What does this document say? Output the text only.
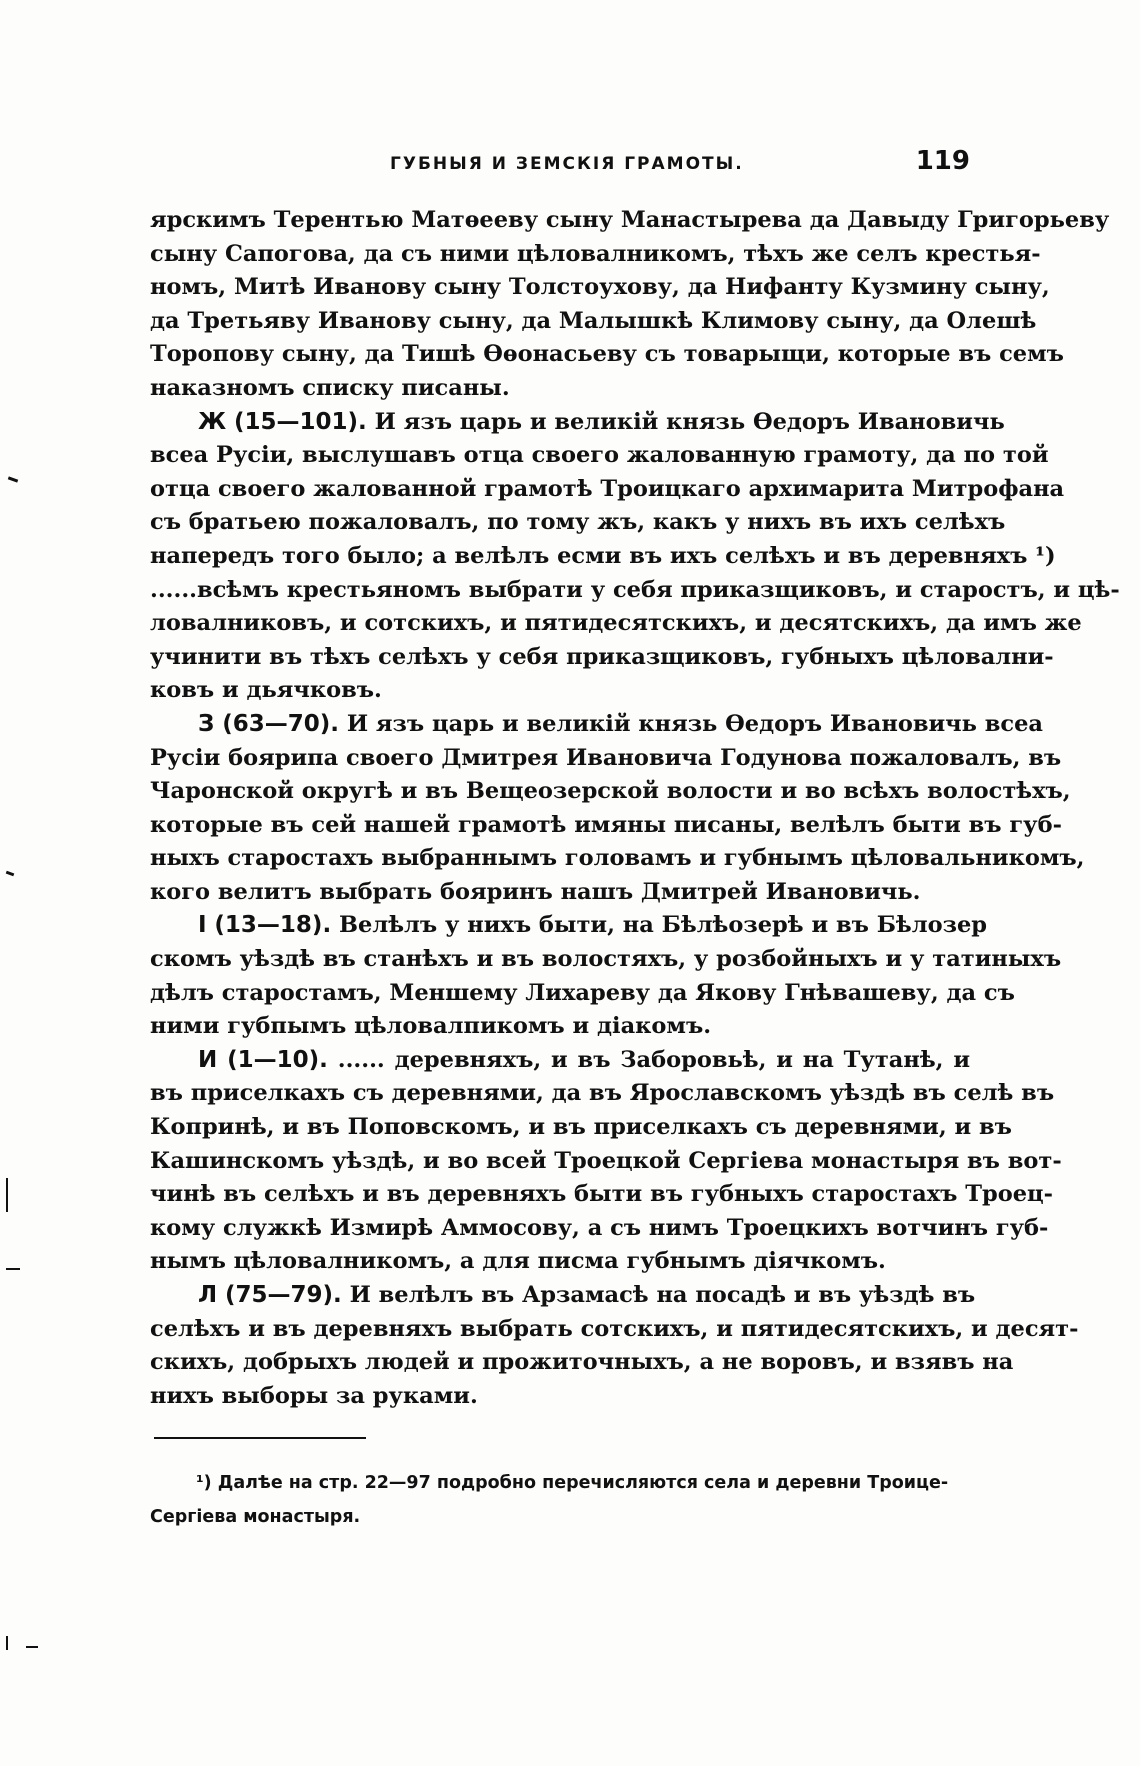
ГУБНЫЯ И ЗЕМСКІЯ ГРАМОТЫ.	119
ярскимъ Терентью Матѳееву сыну Манастырева да Давыду Григорьеву
сыну Сапогова, да съ ними цѣловалникомъ, тѣхъ же селъ крестья-
номъ, Митѣ Иванову сыну Толстоухову, да Нифанту Кузмину сыну,
да Третьяву Иванову сыну, да Малышкѣ Климову сыну, да Олешѣ
Торопову сыну, да Тишѣ Ѳѳонасьеву съ товарыщи, которые въ семъ
наказномъ списку писаны.
Ж (15—101). И язъ царь и великій князь Ѳедоръ Ивановичь
всеа Русіи, выслушавъ отца своего жалованную грамоту, да по той
отца своего жалованной грамотѣ Троицкаго архимарита Митрофана
съ братьею пожаловалъ, по тому жъ, какъ у нихъ въ ихъ селѣхъ
напередъ того было; а велѣлъ есми въ ихъ селѣхъ и въ деревняхъ ¹)
......всѣмъ крестьяномъ выбрати у себя приказщиковъ, и старостъ, и цѣ-
ловалниковъ, и сотскихъ, и пятидесятскихъ, и десятскихъ, да имъ же
учинити въ тѣхъ селѣхъ у себя приказщиковъ, губныхъ цѣловални-
ковъ и дьячковъ.
З (63—70). И язъ царь и великій князь Ѳедоръ Ивановичь всеа
Русіи боярипа своего Дмитрея Ивановича Годунова пожаловалъ, въ
Чаронской округѣ и въ Вещеозерской волости и во всѣхъ волостѣхъ,
которые въ сей нашей грамотѣ имяны писаны, велѣлъ быти въ губ-
ныхъ старостахъ выбраннымъ головамъ и губнымъ цѣловальникомъ,
кого велитъ выбрать бояринъ нашъ Дмитрей Ивановичь.
І (13—18). Велѣлъ у нихъ быти, на Бѣлѣозерѣ и въ Бѣлозер
скомъ уѣздѣ въ станѣхъ и въ волостяхъ, у розбойныхъ и у татиныхъ
дѣлъ старостамъ, Меншему Лихареву да Якову Гнѣвашеву, да съ
ними губпымъ цѣловалпикомъ и діакомъ.
И (1—10). ...... деревняхъ, и въ Заборовьѣ, и на Тутанѣ, и
въ приселкахъ съ деревнями, да въ Ярославскомъ уѣздѣ въ селѣ въ
Копринѣ, и въ Поповскомъ, и въ приселкахъ съ деревнями, и въ
Кашинскомъ уѣздѣ, и во всей Троецкой Сергіева монастыря въ вот-
чинѣ въ селѣхъ и въ деревняхъ быти въ губныхъ старостахъ Троец-
кому служкѣ Измирѣ Аммосову, а съ нимъ Троецкихъ вотчинъ губ-
нымъ цѣловалникомъ, а для писма губнымъ діячкомъ.
Л (75—79). И велѣлъ въ Арзамасѣ на посадѣ и въ уѣздѣ въ
селѣхъ и въ деревняхъ выбрать сотскихъ, и пятидесятскихъ, и десят-
скихъ, добрыхъ людей и прожиточныхъ, а не воровъ, и взявъ на
нихъ выборы за руками.
¹) Далѣе на стр. 22—97 подробно перечисляются села и деревни Троице-
Сергіева монастыря.
